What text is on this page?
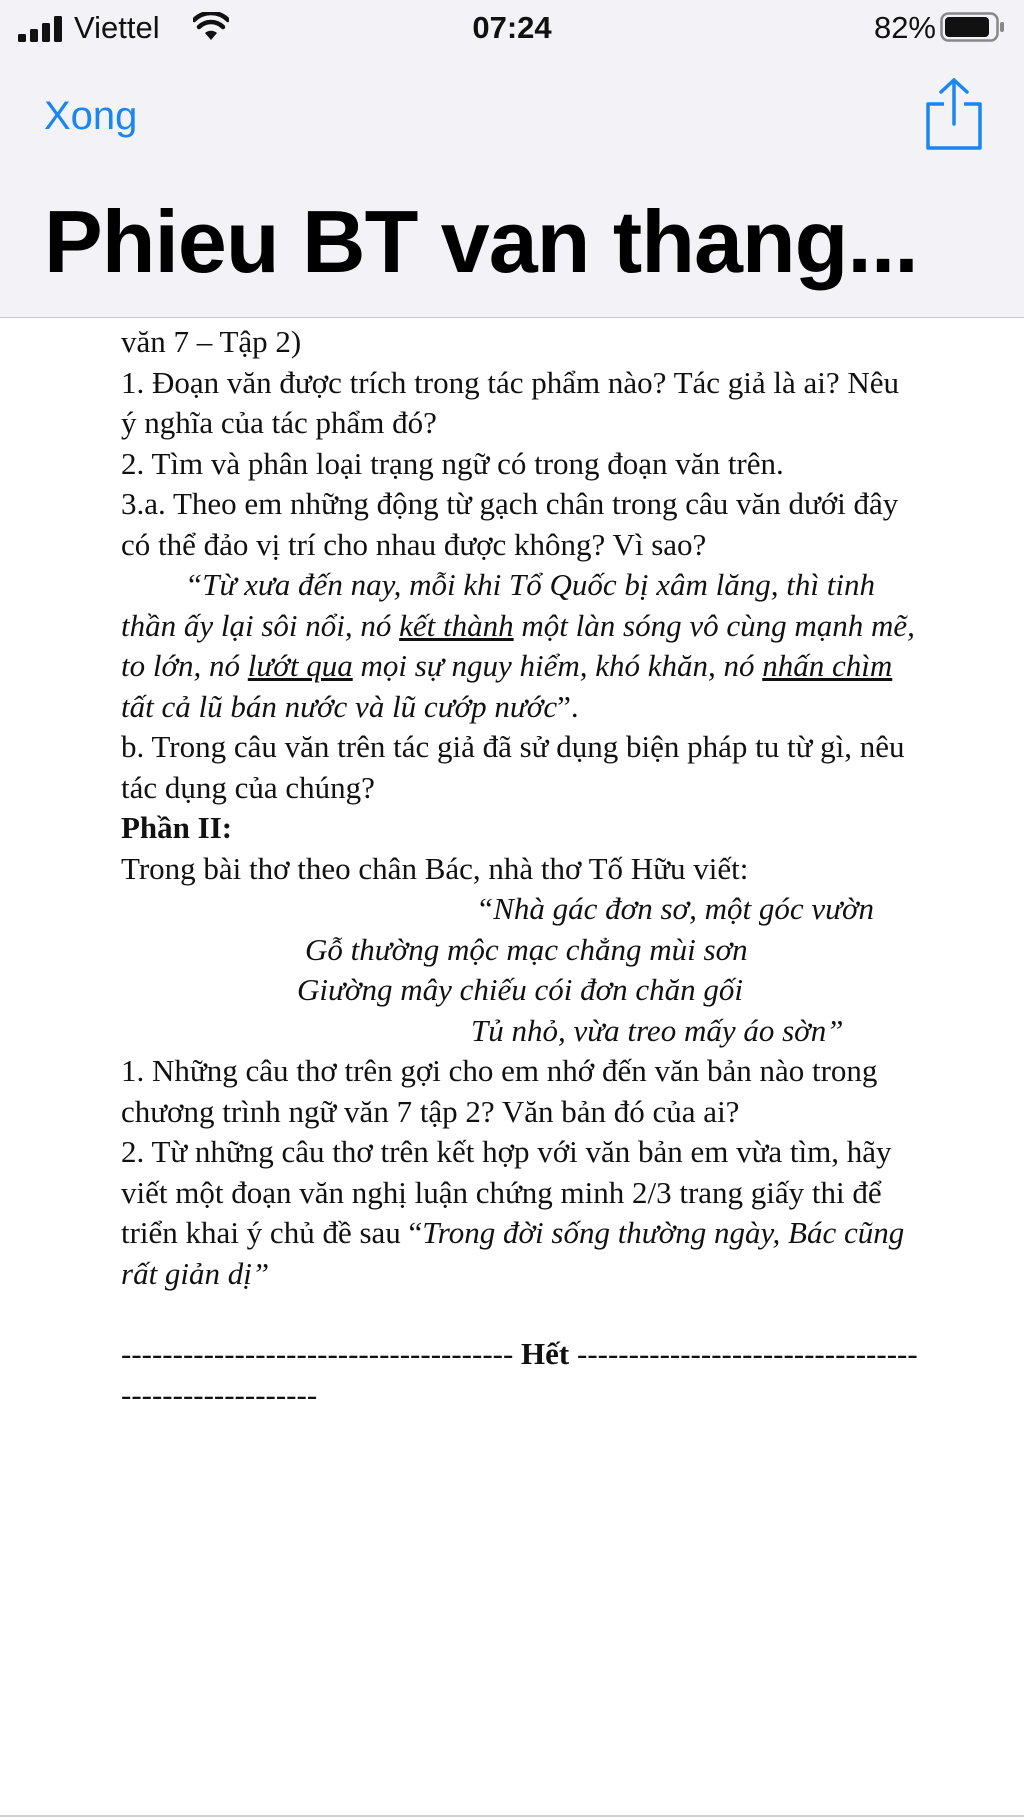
Viettel	07:24	82%
Xong
Phieu BT van thang...

văn 7 – Tập 2)

1. Đoạn văn được trích trong tác phẩm nào? Tác giả là ai? Nêu ý nghĩa của tác phẩm đó?

2. Tìm và phân loại trạng ngữ có trong đoạn văn trên.

3.a. Theo em những động từ gạch chân trong câu văn dưới đây có thể đảo vị trí cho nhau được không? Vì sao?

“Từ xưa đến nay, mỗi khi Tổ Quốc bị xâm lăng, thì tinh thần ấy lại sôi nổi, nó kết thành một làn sóng vô cùng mạnh mẽ, to lớn, nó lướt qua mọi sự nguy hiểm, khó khăn, nó nhấn chìm tất cả lũ bán nước và lũ cướp nước”.

b. Trong câu văn trên tác giả đã sử dụng biện pháp tu từ gì, nêu tác dụng của chúng?

Phần II:

Trong bài thơ theo chân Bác, nhà thơ Tố Hữu viết:

“Nhà gác đơn sơ, một góc vườn

Gỗ thường mộc mạc chẳng mùi sơn

Giường mây chiếu cói đơn chăn gối

Tủ nhỏ, vừa treo mấy áo sờn”

1. Những câu thơ trên gợi cho em nhớ đến văn bản nào trong chương trình ngữ văn 7 tập 2? Văn bản đó của ai?

2. Từ những câu thơ trên kết hợp với văn bản em vừa tìm, hãy viết một đoạn văn nghị luận chứng minh 2/3 trang giấy thi để triển khai ý chủ đề sau “Trong đời sống thường ngày, Bác cũng rất giản dị”

-------------------------------------- Hết ----------------------------------------------------
